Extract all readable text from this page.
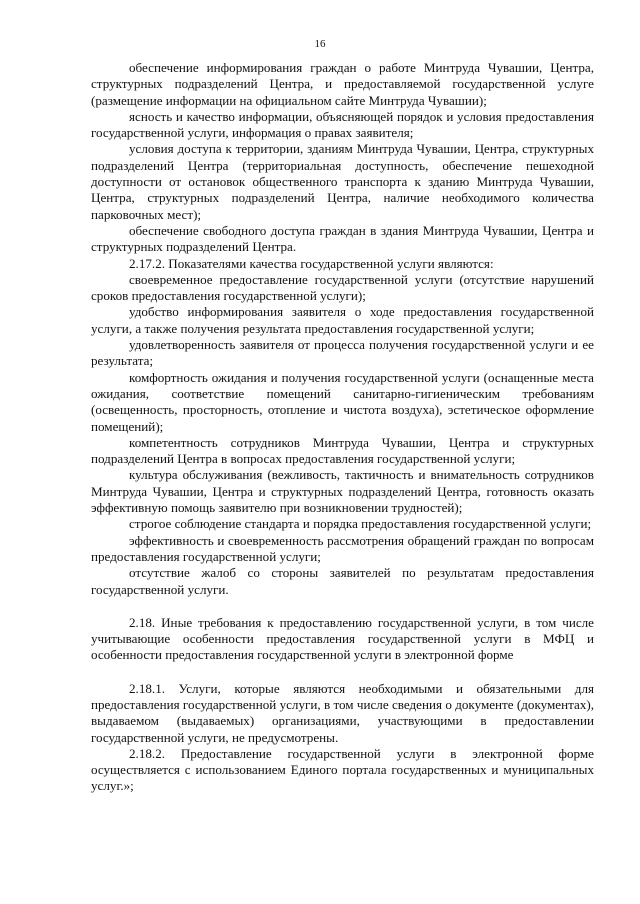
16

обеспечение информирования граждан о работе Минтруда Чувашии, Центра, структурных подразделений Центра, и предоставляемой государственной услуге (размещение информации на официальном сайте Минтруда Чувашии);

ясность и качество информации, объясняющей порядок и условия предоставления государственной услуги, информация о правах заявителя;

условия доступа к территории, зданиям Минтруда Чувашии, Центра, структурных подразделений Центра (территориальная доступность, обеспечение пешеходной доступности от остановок общественного транспорта к зданию Минтруда Чувашии, Центра, структурных подразделений Центра, наличие необходимого количества парковочных мест);

обеспечение свободного доступа граждан в здания Минтруда Чувашии, Центра и структурных подразделений Центра.

2.17.2. Показателями качества государственной услуги являются:

своевременное предоставление государственной услуги (отсутствие нарушений сроков предоставления государственной услуги);

удобство информирования заявителя о ходе предоставления государственной услуги, а также получения результата предоставления государственной услуги;

удовлетворенность заявителя от процесса получения государственной услуги и ее результата;

комфортность ожидания и получения государственной услуги (оснащенные места ожидания, соответствие помещений санитарно-гигиеническим требованиям (освещенность, просторность, отопление и чистота воздуха), эстетическое оформление помещений);

компетентность сотрудников Минтруда Чувашии, Центра и структурных подразделений Центра в вопросах предоставления государственной услуги;

культура обслуживания (вежливость, тактичность и внимательность сотрудников Минтруда Чувашии, Центра и структурных подразделений Центра, готовность оказать эффективную помощь заявителю при возникновении трудностей);

строгое соблюдение стандарта и порядка предоставления государственной услуги;

эффективность и своевременность рассмотрения обращений граждан по вопросам предоставления государственной услуги;

отсутствие жалоб со стороны заявителей по результатам предоставления государственной услуги.

2.18. Иные требования к предоставлению государственной услуги, в том числе учитывающие особенности предоставления государственной услуги в МФЦ и особенности предоставления государственной услуги в электронной форме

2.18.1. Услуги, которые являются необходимыми и обязательными для предоставления государственной услуги, в том числе сведения о документе (документах), выдаваемом (выдаваемых) организациями, участвующими в предоставлении государственной услуги, не предусмотрены.

2.18.2. Предоставление государственной услуги в электронной форме осуществляется с использованием Единого портала государственных и муниципальных услуг.»;
